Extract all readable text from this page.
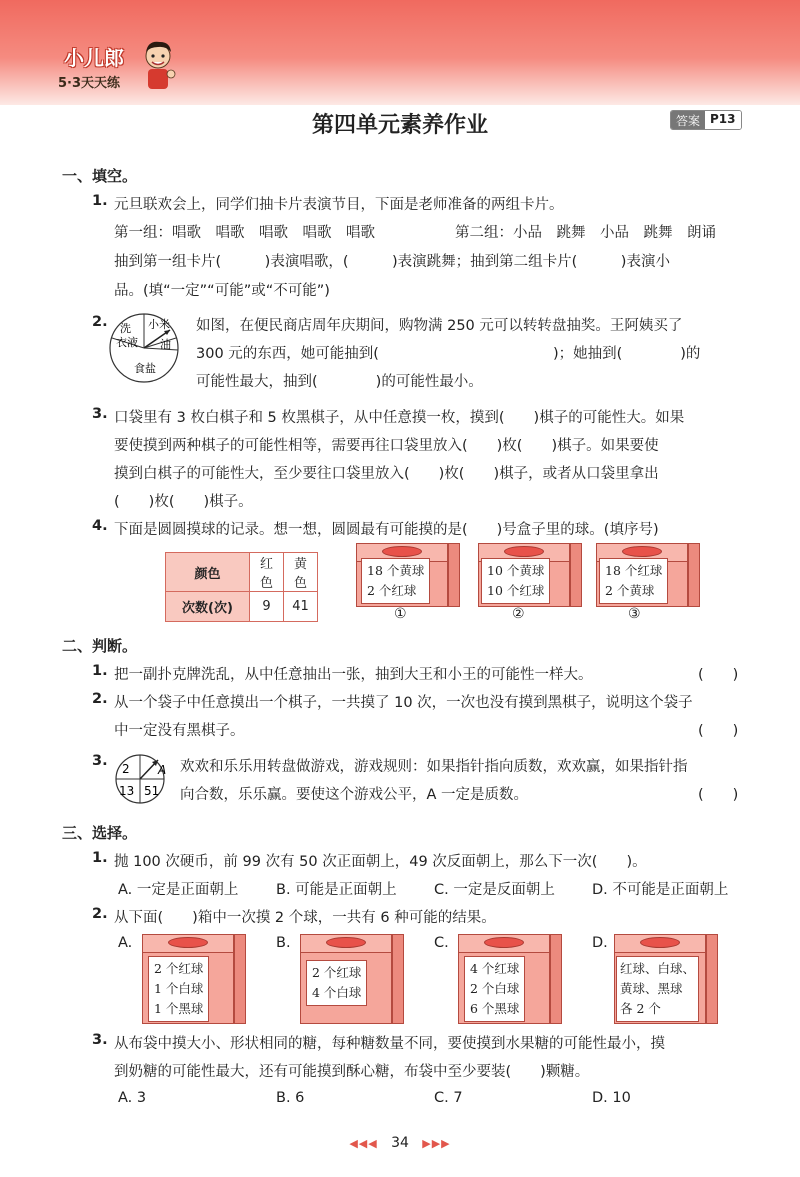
小儿郎
5·3天天练
第四单元素养作业	答案 P13
一、填空。
1. 元旦联欢会上，同学们抽卡片表演节目，下面是老师准备的两组卡片。
第一组：唱歌　唱歌　唱歌　唱歌　唱歌	第二组：小品　跳舞　小品　跳舞　朗诵
抽到第一组卡片(　　　)表演唱歌，(　　　)表演跳舞；抽到第二组卡片(　　　)表演小
品。(填“一定”“可能”或“不可能”)
2. 洗 小米
衣液 油
食盐
如图，在便民商店周年庆期间，购物满 250 元可以转转盘抽奖。王阿姨买了
300 元的东西，她可能抽到(　　　　　　　　　　　　)；她抽到(　　　　)的
可能性最大，抽到(　　　　)的可能性最小。
3. 口袋里有 3 枚白棋子和 5 枚黑棋子，从中任意摸一枚，摸到(　　)棋子的可能性大。如果
要使摸到两种棋子的可能性相等，需要再往口袋里放入(　　)枚(　　)棋子。如果要使
摸到白棋子的可能性大，至少要往口袋里放入(　　)枚(　　)棋子，或者从口袋里拿出
(　　)枚(　　)棋子。
4. 下面是圆圆摸球的记录。想一想，圆圆最有可能摸的是(　　)号盒子里的球。(填序号)
颜色	红色	黄色
次数(次)	9	41
18 个黄球
2 个红球
①
10 个黄球
10 个红球
②
18 个红球
2 个黄球
③
二、判断。
1. 把一副扑克牌洗乱，从中任意抽出一张，抽到大王和小王的可能性一样大。	(　　)
2. 从一个袋子中任意摸出一个棋子，一共摸了 10 次，一次也没有摸到黑棋子，说明这个袋子
中一定没有黑棋子。	(　　)
3. 2 A
13 51
欢欢和乐乐用转盘做游戏，游戏规则：如果指针指向质数，欢欢赢，如果指针指
向合数，乐乐赢。要使这个游戏公平，A 一定是质数。	(　　)
三、选择。
1. 抛 100 次硬币，前 99 次有 50 次正面朝上，49 次反面朝上，那么下一次(　　)。
A. 一定是正面朝上	B. 可能是正面朝上	C. 一定是反面朝上	D. 不可能是正面朝上
2. 从下面(　　)箱中一次摸 2 个球，一共有 6 种可能的结果。
A.
2 个红球
1 个白球
1 个黑球
B.
2 个红球
4 个白球
C.
4 个红球
2 个白球
6 个黑球
D.
红球、白球、
黄球、黑球
各 2 个
3. 从布袋中摸大小、形状相同的糖，每种糖数量不同，要使摸到水果糖的可能性最小，摸
到奶糖的可能性最大，还有可能摸到酥心糖，布袋中至少要装(　　)颗糖。
A. 3	B. 6	C. 7	D. 10
◀◀◀ 34 ▶▶▶
